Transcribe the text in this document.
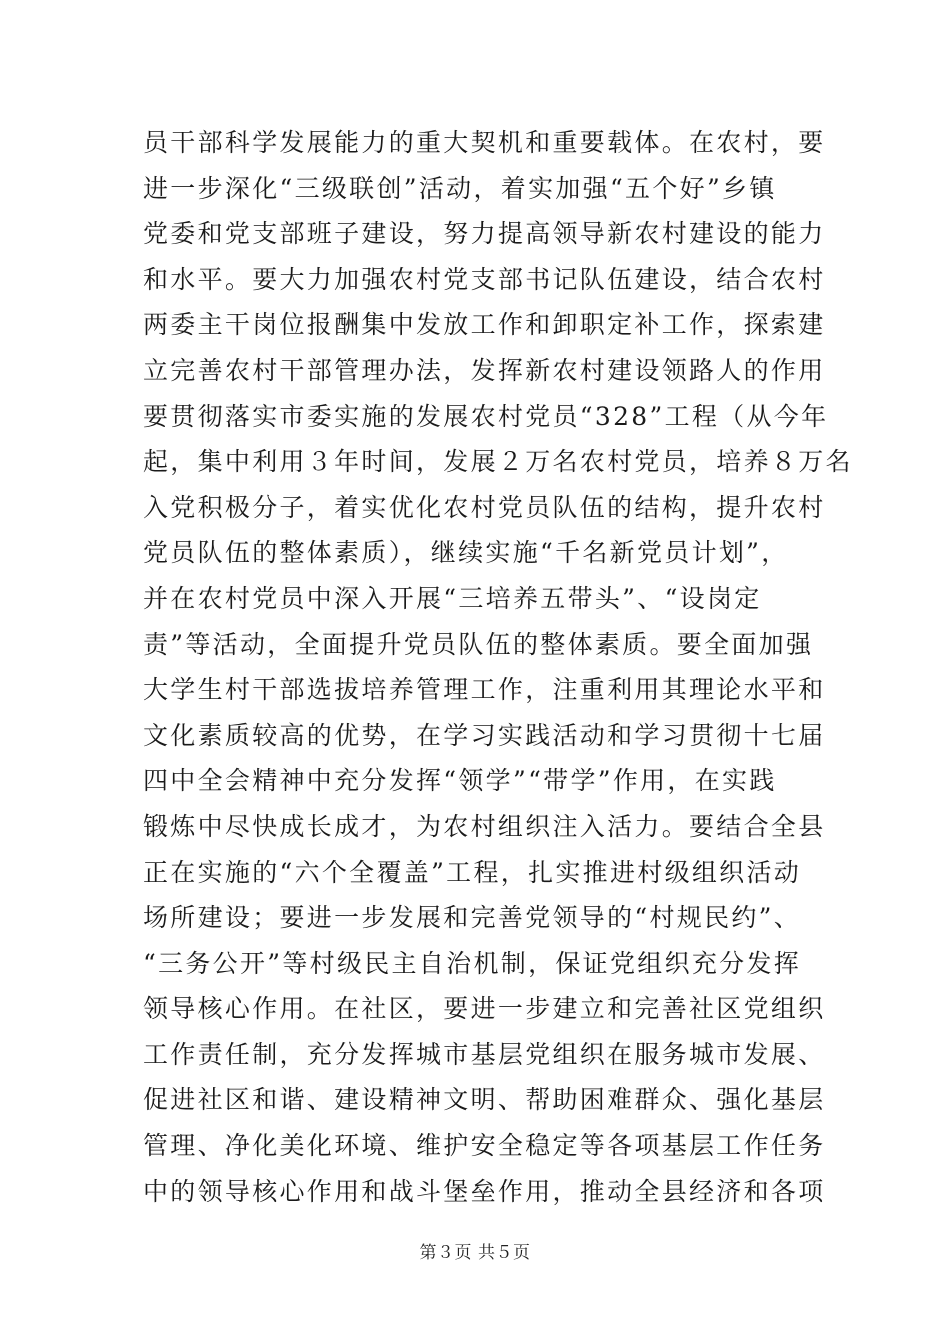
员干部科学发展能力的重大契机和重要载体。在农村，要
进一步深化“三级联创”活动，着实加强“五个好”乡镇
党委和党支部班子建设，努力提高领导新农村建设的能力
和水平。要大力加强农村党支部书记队伍建设，结合农村
两委主干岗位报酬集中发放工作和卸职定补工作，探索建
立完善农村干部管理办法，发挥新农村建设领路人的作用
要贯彻落实市委实施的发展农村党员“328”工程（从今年
起，集中利用３年时间，发展２万名农村党员，培养８万名
入党积极分子，着实优化农村党员队伍的结构，提升农村
党员队伍的整体素质），继续实施“千名新党员计划”，
并在农村党员中深入开展“三培养五带头”、“设岗定
责”等活动，全面提升党员队伍的整体素质。要全面加强
大学生村干部选拔培养管理工作，注重利用其理论水平和
文化素质较高的优势，在学习实践活动和学习贯彻十七届
四中全会精神中充分发挥“领学”“带学”作用，在实践
锻炼中尽快成长成才，为农村组织注入活力。要结合全县
正在实施的“六个全覆盖”工程，扎实推进村级组织活动
场所建设；要进一步发展和完善党领导的“村规民约”、
“三务公开”等村级民主自治机制，保证党组织充分发挥
领导核心作用。在社区，要进一步建立和完善社区党组织
工作责任制，充分发挥城市基层党组织在服务城市发展、
促进社区和谐、建设精神文明、帮助困难群众、强化基层
管理、净化美化环境、维护安全稳定等各项基层工作任务
中的领导核心作用和战斗堡垒作用，推动全县经济和各项
第３页 共５页
